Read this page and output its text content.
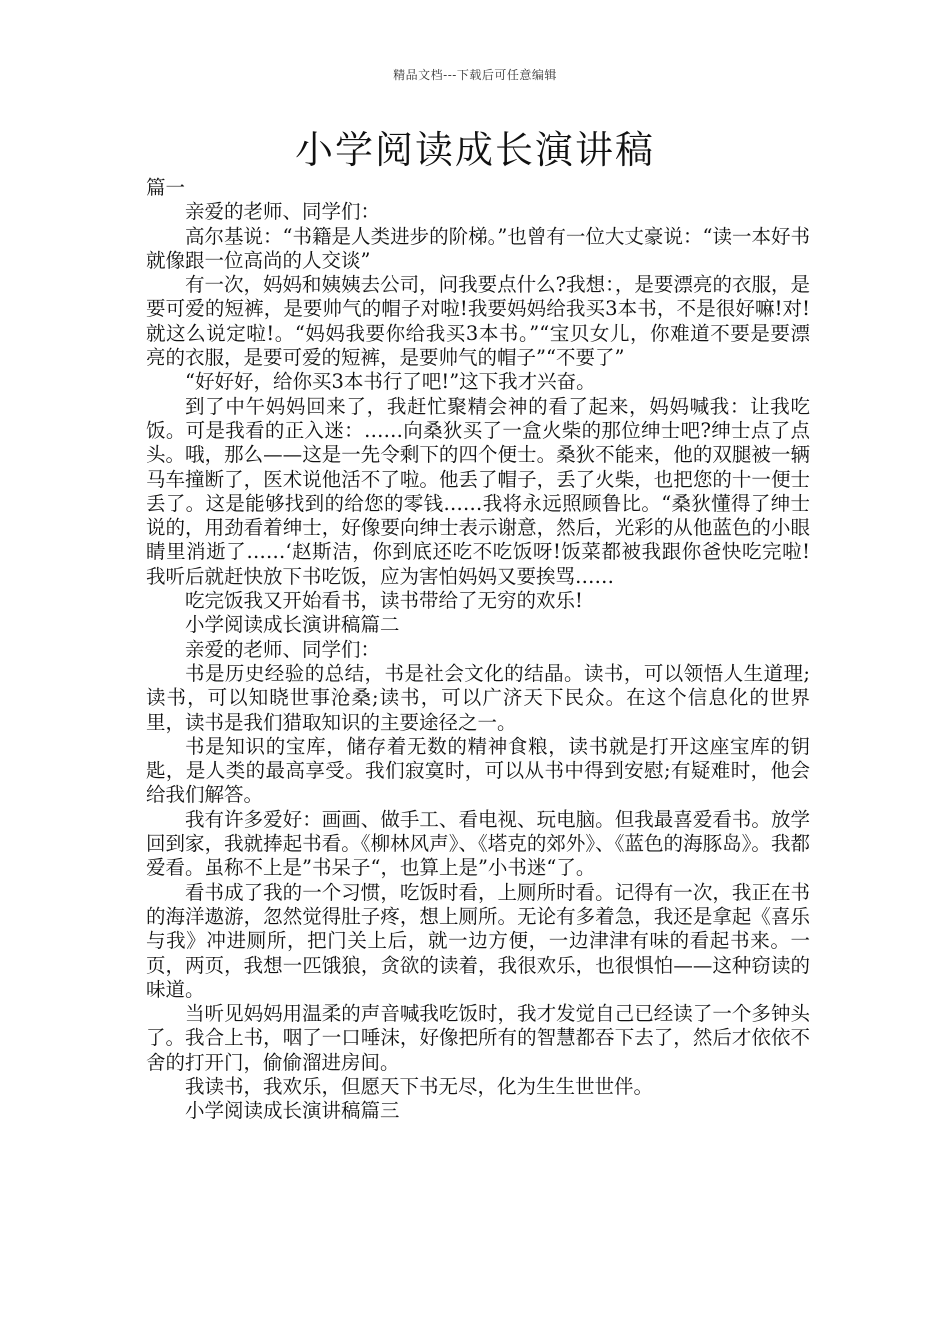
精品文档---下载后可任意编辑
小学阅读成长演讲稿

篇一

亲爱的老师、同学们：

高尔基说：“书籍是人类进步的阶梯。”也曾有一位大丈豪说：“读一本好书就像跟一位高尚的人交谈”

有一次，妈妈和姨姨去公司，问我要点什么?我想：，是要漂亮的衣服，是要可爱的短裤，是要帅气的帽子对啦!我要妈妈给我买3本书，不是很好嘛!对!就这么说定啦!。“妈妈我要你给我买3本书。”“宝贝女儿，你难道不要是要漂亮的衣服，是要可爱的短裤，是要帅气的帽子”“不要了”

“好好好，给你买3本书行了吧!”这下我才兴奋。

到了中午妈妈回来了，我赶忙聚精会神的看了起来，妈妈喊我：让我吃饭。可是我看的正入迷：……向桑狄买了一盒火柴的那位绅士吧?绅士点了点头。哦，那么——这是一先令剩下的四个便士。桑狄不能来，他的双腿被一辆马车撞断了，医术说他活不了啦。他丢了帽子，丢了火柴，也把您的十一便士丢了。这是能够找到的给您的零钱……我将永远照顾鲁比。“桑狄懂得了绅士说的，用劲看着绅士，好像要向绅士表示谢意，然后，光彩的从他蓝色的小眼睛里消逝了……‘赵斯洁，你到底还吃不吃饭呀!饭菜都被我跟你爸快吃完啦!我听后就赶快放下书吃饭，应为害怕妈妈又要挨骂……

吃完饭我又开始看书，读书带给了无穷的欢乐!

小学阅读成长演讲稿篇二

亲爱的老师、同学们：

书是历史经验的总结，书是社会文化的结晶。读书，可以领悟人生道理;读书，可以知晓世事沧桑;读书，可以广济天下民众。在这个信息化的世界里，读书是我们猎取知识的主要途径之一。

书是知识的宝库，储存着无数的精神食粮，读书就是打开这座宝库的钥匙，是人类的最高享受。我们寂寞时，可以从书中得到安慰;有疑难时，他会给我们解答。

我有许多爱好：画画、做手工、看电视、玩电脑。但我最喜爱看书。放学回到家，我就捧起书看。《柳林风声》、《塔克的郊外》、《蓝色的海豚岛》。我都爱看。虽称不上是”书呆子“，也算上是”小书迷“了。

看书成了我的一个习惯，吃饭时看，上厕所时看。记得有一次，我正在书的海洋遨游，忽然觉得肚子疼，想上厕所。无论有多着急，我还是拿起《喜乐与我》冲进厕所，把门关上后，就一边方便，一边津津有味的看起书来。一页，两页，我想一匹饿狼，贪欲的读着，我很欢乐，也很惧怕——这种窃读的味道。

当听见妈妈用温柔的声音喊我吃饭时，我才发觉自己已经读了一个多钟头了。我合上书，咽了一口唾沫，好像把所有的智慧都吞下去了，然后才依依不舍的打开门，偷偷溜进房间。

我读书，我欢乐，但愿天下书无尽，化为生生世世伴。

小学阅读成长演讲稿篇三
